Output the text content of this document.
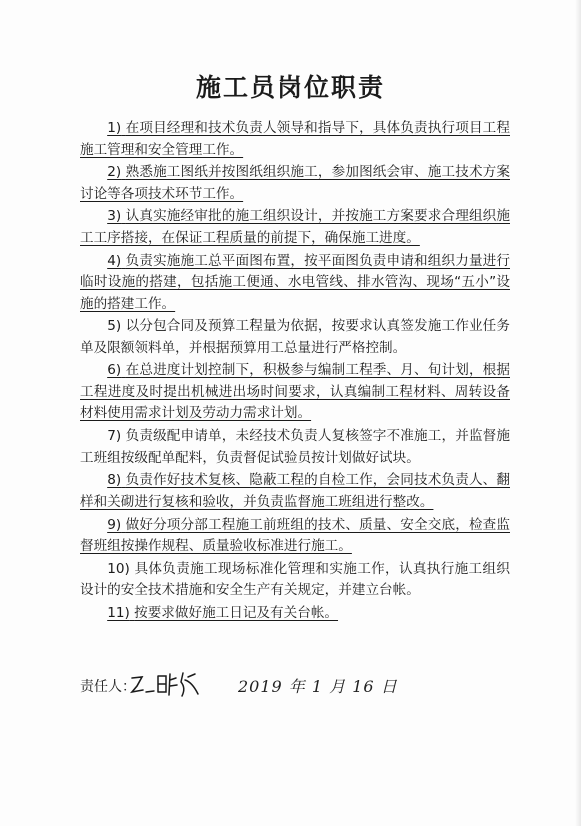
施工员岗位职责

1) 在项目经理和技术负责人领导和指导下，具体负责执行项目工程施工管理和安全管理工作。

2) 熟悉施工图纸并按图纸组织施工，参加图纸会审、施工技术方案讨论等各项技术环节工作。

3) 认真实施经审批的施工组织设计，并按施工方案要求合理组织施工工序搭接，在保证工程质量的前提下，确保施工进度。

4) 负责实施施工总平面图布置，按平面图负责申请和组织力量进行临时设施的搭建，包括施工便通、水电管线、排水管沟、现场“五小”设施的搭建工作。

5) 以分包合同及预算工程量为依据，按要求认真签发施工作业任务单及限额领料单，并根据预算用工总量进行严格控制。

6) 在总进度计划控制下，积极参与编制工程季、月、旬计划，根据工程进度及时提出机械进出场时间要求，认真编制工程材料、周转设备材料使用需求计划及劳动力需求计划。

7) 负责级配申请单，未经技术负责人复核签字不准施工，并监督施工班组按级配单配料，负责督促试验员按计划做好试块。

8) 负责作好技术复核、隐蔽工程的自检工作，会同技术负责人、翻样和关砌进行复核和验收，并负责监督施工班组进行整改。

9) 做好分项分部工程施工前班组的技术、质量、安全交底，检查监督班组按操作规程、质量验收标准进行施工。

10) 具体负责施工现场标准化管理和实施工作，认真执行施工组织设计的安全技术措施和安全生产有关规定，并建立台帐。

11) 按要求做好施工日记及有关台帐。

责任人：	2019 年 1 月 16 日
